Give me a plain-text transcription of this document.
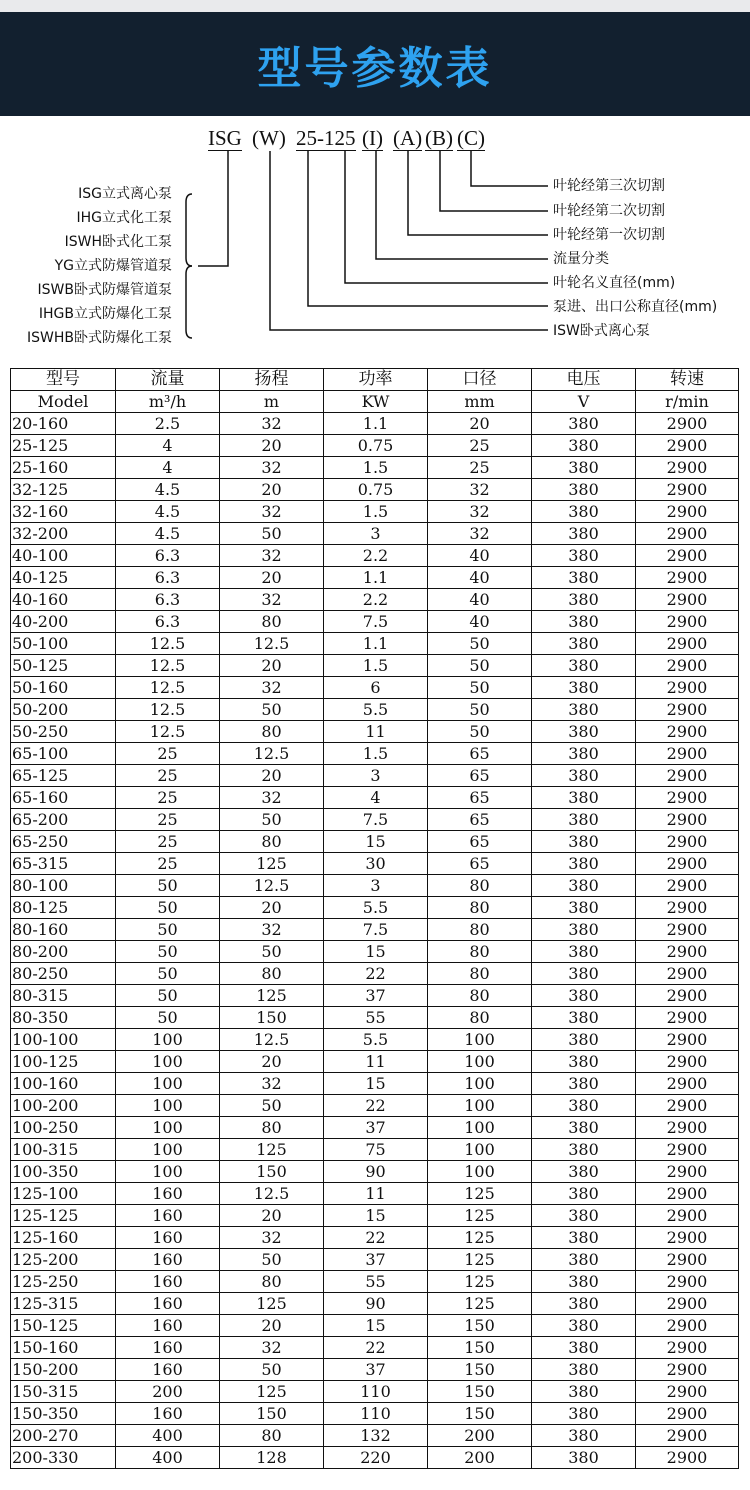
型号参数表
ISG (W) 25-125 (I) (A) (B) (C)
ISG立式离心泵
IHG立式化工泵
ISWH卧式化工泵
YG立式防爆管道泵
ISWB卧式防爆管道泵
IHGB立式防爆化工泵
ISWHB卧式防爆化工泵
叶轮经第三次切割
叶轮经第二次切割
叶轮经第一次切割
流量分类
叶轮名义直径(mm)
泵进、出口公称直径(mm)
ISW卧式离心泵
型号	流量	扬程	功率	口径	电压	转速
Model	m³/h	m	KW	mm	V	r/min
20-160	2.5	32	1.1	20	380	2900
25-125	4	20	0.75	25	380	2900
25-160	4	32	1.5	25	380	2900
32-125	4.5	20	0.75	32	380	2900
32-160	4.5	32	1.5	32	380	2900
32-200	4.5	50	3	32	380	2900
40-100	6.3	32	2.2	40	380	2900
40-125	6.3	20	1.1	40	380	2900
40-160	6.3	32	2.2	40	380	2900
40-200	6.3	80	7.5	40	380	2900
50-100	12.5	12.5	1.1	50	380	2900
50-125	12.5	20	1.5	50	380	2900
50-160	12.5	32	6	50	380	2900
50-200	12.5	50	5.5	50	380	2900
50-250	12.5	80	11	50	380	2900
65-100	25	12.5	1.5	65	380	2900
65-125	25	20	3	65	380	2900
65-160	25	32	4	65	380	2900
65-200	25	50	7.5	65	380	2900
65-250	25	80	15	65	380	2900
65-315	25	125	30	65	380	2900
80-100	50	12.5	3	80	380	2900
80-125	50	20	5.5	80	380	2900
80-160	50	32	7.5	80	380	2900
80-200	50	50	15	80	380	2900
80-250	50	80	22	80	380	2900
80-315	50	125	37	80	380	2900
80-350	50	150	55	80	380	2900
100-100	100	12.5	5.5	100	380	2900
100-125	100	20	11	100	380	2900
100-160	100	32	15	100	380	2900
100-200	100	50	22	100	380	2900
100-250	100	80	37	100	380	2900
100-315	100	125	75	100	380	2900
100-350	100	150	90	100	380	2900
125-100	160	12.5	11	125	380	2900
125-125	160	20	15	125	380	2900
125-160	160	32	22	125	380	2900
125-200	160	50	37	125	380	2900
125-250	160	80	55	125	380	2900
125-315	160	125	90	125	380	2900
150-125	160	20	15	150	380	2900
150-160	160	32	22	150	380	2900
150-200	160	50	37	150	380	2900
150-315	200	125	110	150	380	2900
150-350	160	150	110	150	380	2900
200-270	400	80	132	200	380	2900
200-330	400	128	220	200	380	2900
